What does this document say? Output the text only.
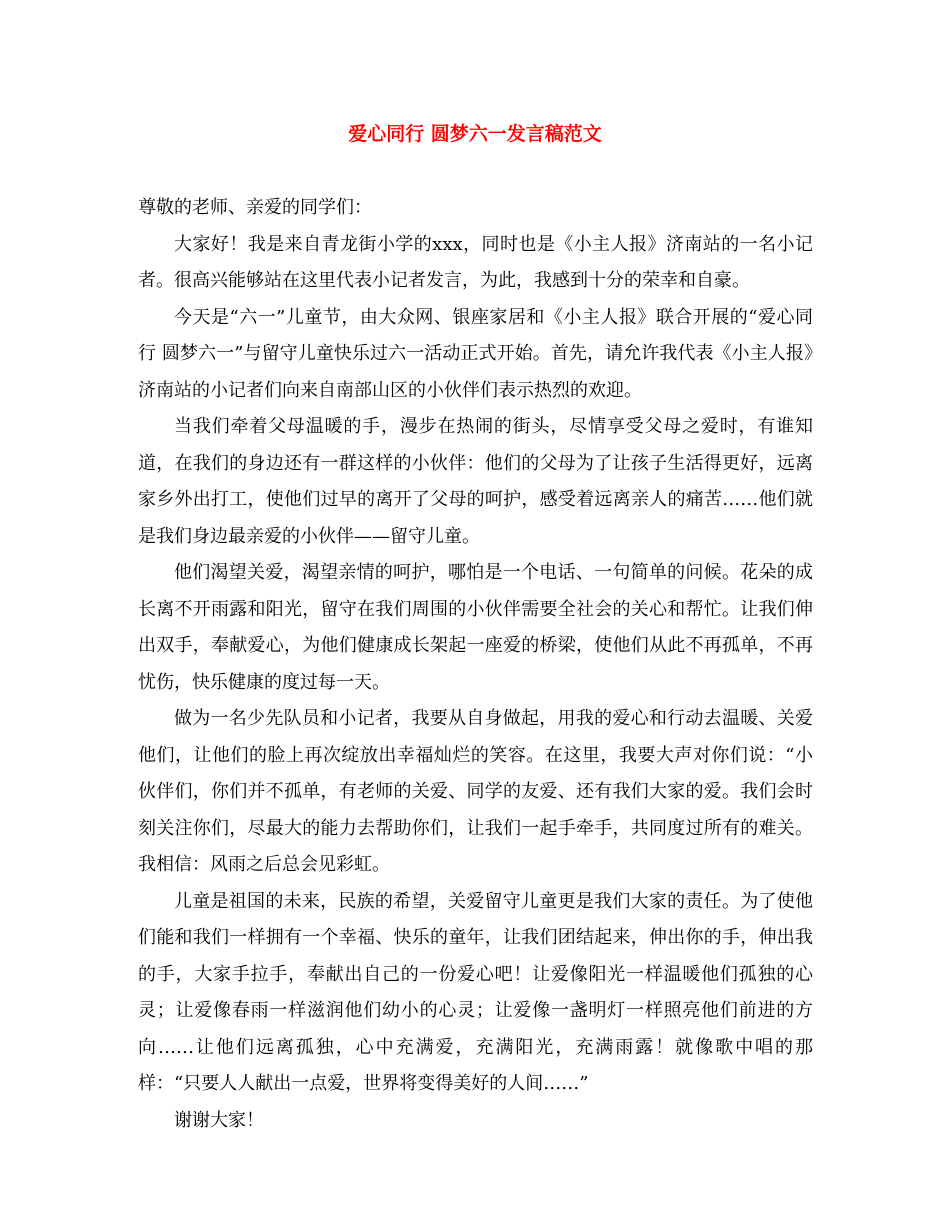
爱心同行 圆梦六一发言稿范文

尊敬的老师、亲爱的同学们：

大家好！我是来自青龙街小学的xxx，同时也是《小主人报》济南站的一名小记者。很高兴能够站在这里代表小记者发言，为此，我感到十分的荣幸和自豪。

今天是“六一”儿童节，由大众网、银座家居和《小主人报》联合开展的“爱心同行 圆梦六一”与留守儿童快乐过六一活动正式开始。首先，请允许我代表《小主人报》济南站的小记者们向来自南部山区的小伙伴们表示热烈的欢迎。

当我们牵着父母温暖的手，漫步在热闹的街头，尽情享受父母之爱时，有谁知道，在我们的身边还有一群这样的小伙伴：他们的父母为了让孩子生活得更好，远离家乡外出打工，使他们过早的离开了父母的呵护，感受着远离亲人的痛苦……他们就是我们身边最亲爱的小伙伴——留守儿童。

他们渴望关爱，渴望亲情的呵护，哪怕是一个电话、一句简单的问候。花朵的成长离不开雨露和阳光，留守在我们周围的小伙伴需要全社会的关心和帮忙。让我们伸出双手，奉献爱心，为他们健康成长架起一座爱的桥梁，使他们从此不再孤单，不再忧伤，快乐健康的度过每一天。

做为一名少先队员和小记者，我要从自身做起，用我的爱心和行动去温暖、关爱他们，让他们的脸上再次绽放出幸福灿烂的笑容。在这里，我要大声对你们说：“小伙伴们，你们并不孤单，有老师的关爱、同学的友爱、还有我们大家的爱。我们会时刻关注你们，尽最大的能力去帮助你们，让我们一起手牵手，共同度过所有的难关。我相信：风雨之后总会见彩虹。

儿童是祖国的未来，民族的希望，关爱留守儿童更是我们大家的责任。为了使他们能和我们一样拥有一个幸福、快乐的童年，让我们团结起来，伸出你的手，伸出我的手，大家手拉手，奉献出自己的一份爱心吧！让爱像阳光一样温暖他们孤独的心灵；让爱像春雨一样滋润他们幼小的心灵；让爱像一盏明灯一样照亮他们前进的方向……让他们远离孤独，心中充满爱，充满阳光，充满雨露！就像歌中唱的那样：“只要人人献出一点爱，世界将变得美好的人间……”

谢谢大家！
